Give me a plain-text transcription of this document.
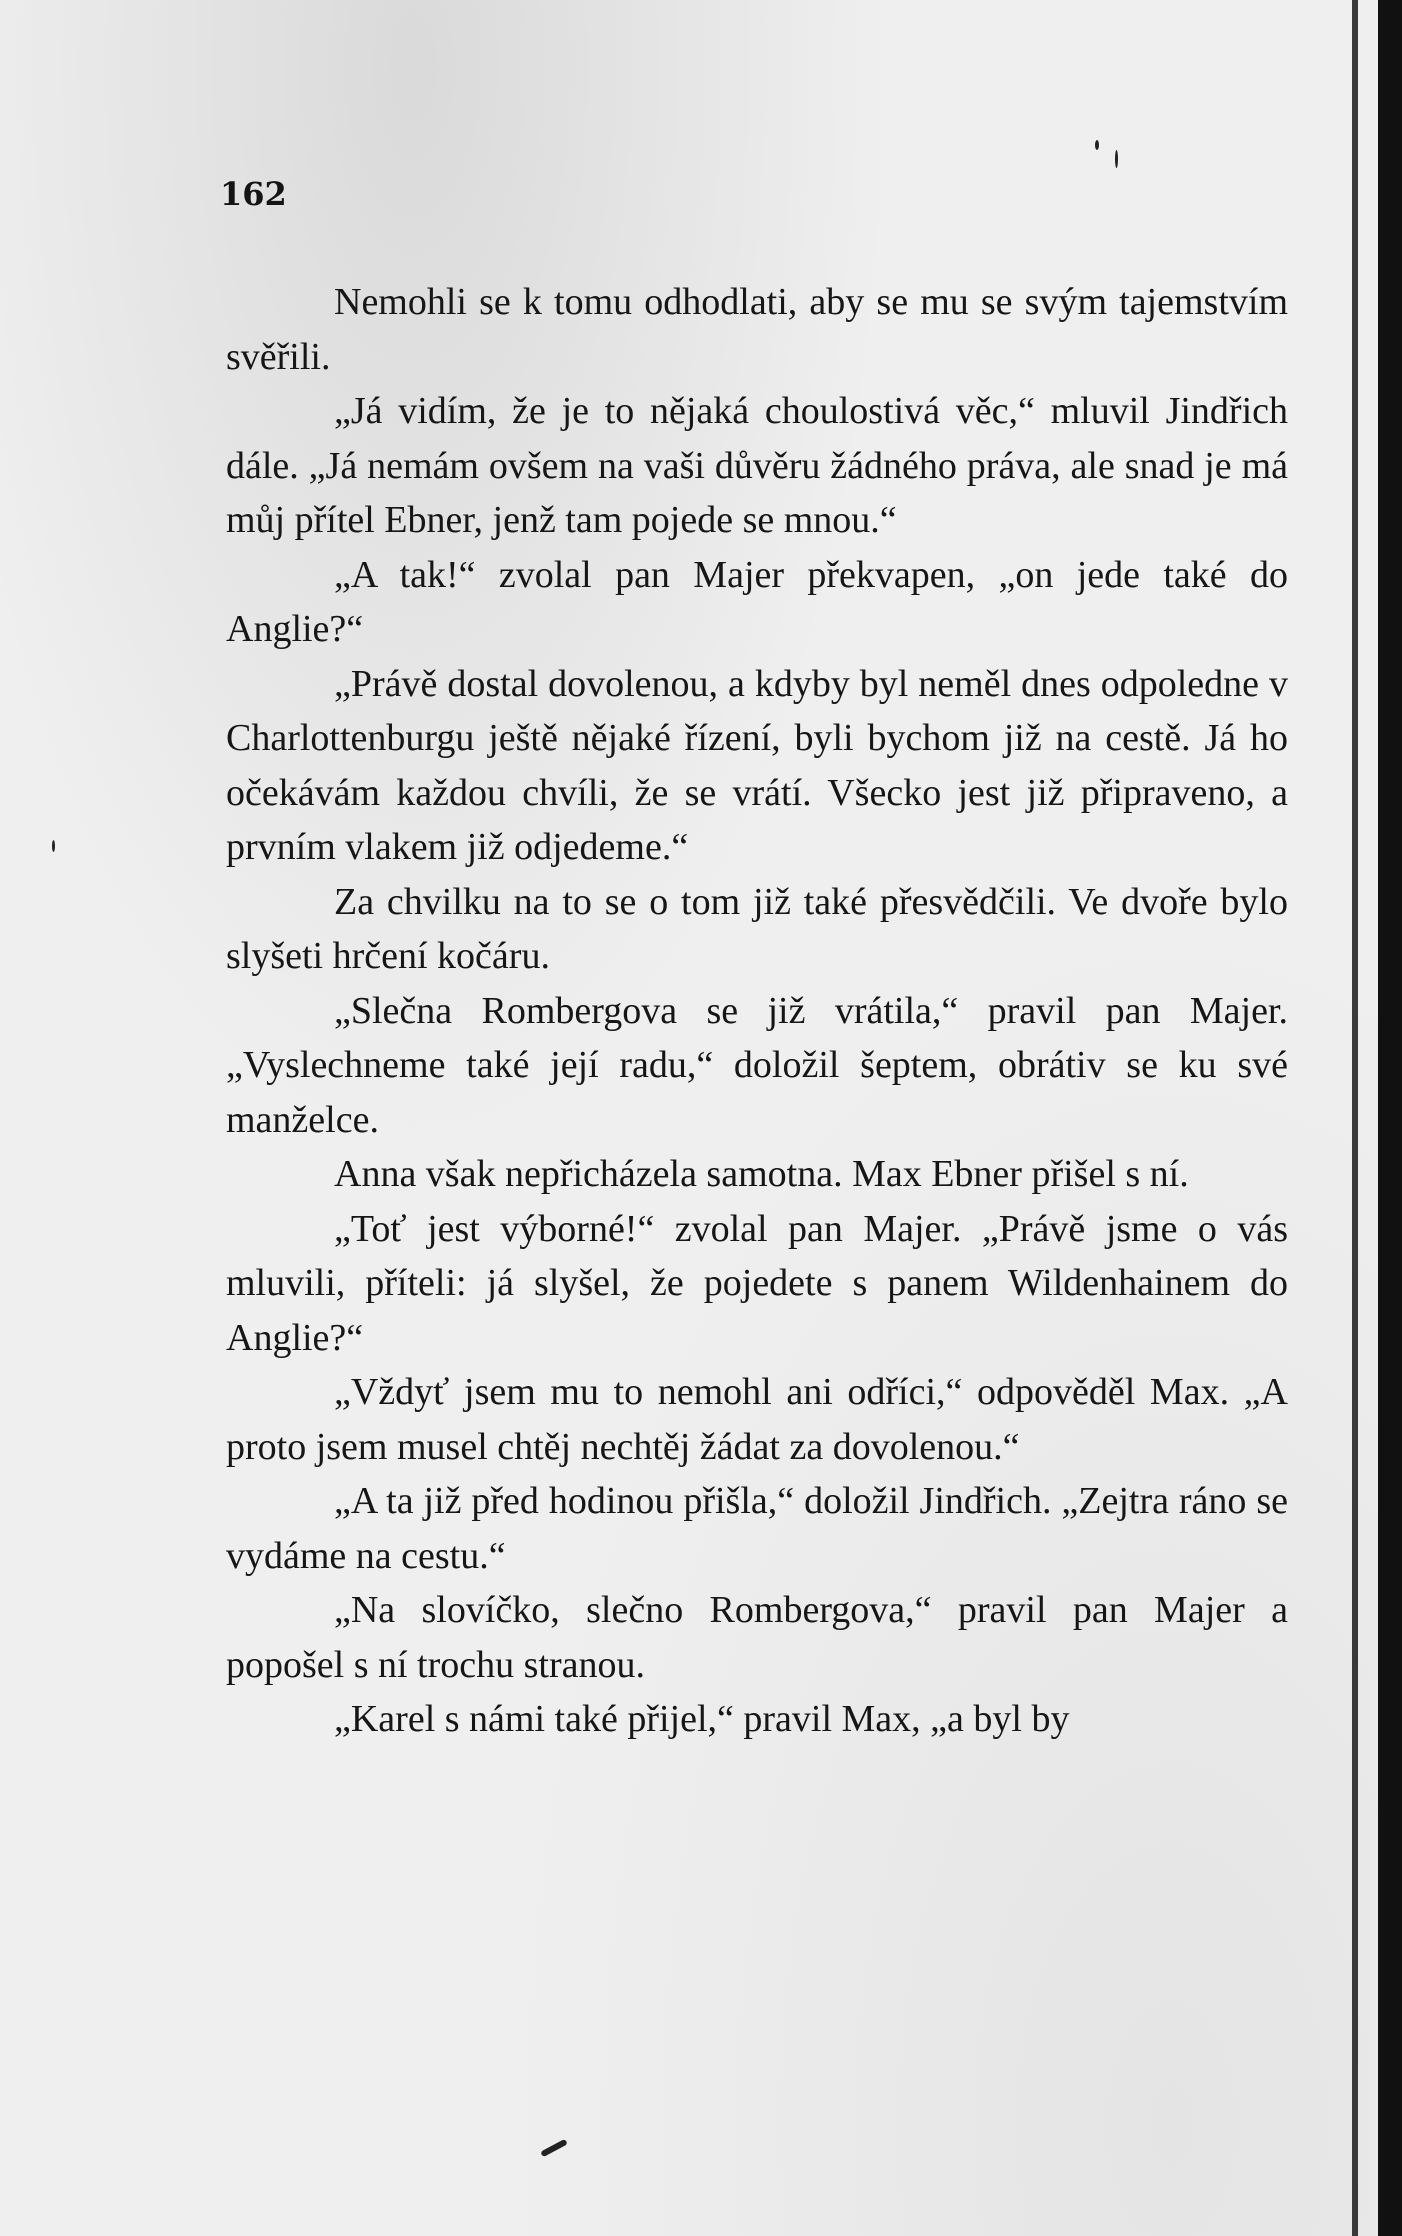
162

Nemohli se k tomu odhodlati, aby se mu se svým tajemstvím svěřili.

„Já vidím, že je to nějaká choulostivá věc,“ mluvil Jindřich dále. „Já nemám ovšem na vaši důvěru žádného práva, ale snad je má můj přítel Ebner, jenž tam pojede se mnou.“

„A tak!“ zvolal pan Majer překvapen, „on jede také do Anglie?“

„Právě dostal dovolenou, a kdyby byl neměl dnes odpoledne v Charlottenburgu ještě nějaké řízení, byli bychom již na cestě. Já ho očekávám každou chvíli, že se vrátí. Všecko jest již připraveno, a prvním vlakem již odjedeme.“

Za chvilku na to se o tom již také přesvědčili. Ve dvoře bylo slyšeti hrčení kočáru.

„Slečna Rombergova se již vrátila,“ pravil pan Majer. „Vyslechneme také její radu,“ doložil šeptem, obrátiv se ku své manželce.

Anna však nepřicházela samotna. Max Ebner přišel s ní.

„Toť jest výborné!“ zvolal pan Majer. „Právě jsme o vás mluvili, příteli: já slyšel, že pojedete s panem Wildenhainem do Anglie?“

„Vždyť jsem mu to nemohl ani odříci,“ odpověděl Max. „A proto jsem musel chtěj nechtěj žádat za dovolenou.“

„A ta již před hodinou přišla,“ doložil Jindřich. „Zejtra ráno se vydáme na cestu.“

„Na slovíčko, slečno Rombergova,“ pravil pan Majer a popošel s ní trochu stranou.

„Karel s námi také přijel,“ pravil Max, „a byl by
